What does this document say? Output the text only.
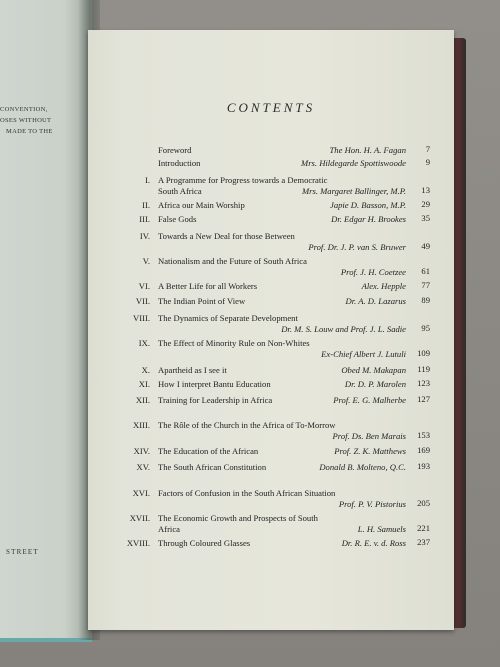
CONVENTION,
OSES WITHOUT
MADE TO THE
STREET
CONTENTS
Foreword	The Hon. H. A. Fagan	7
Introduction	Mrs. Hildegarde Spottiswoode	9
I. A Programme for Progress towards a Democratic
South Africa	Mrs. Margaret Ballinger, M.P.	13
II. Africa our Main Worship	Japie D. Basson, M.P.	29
III. False Gods	Dr. Edgar H. Brookes	35
IV. Towards a New Deal for those Between
Prof. Dr. J. P. van S. Bruwer	49
V. Nationalism and the Future of South Africa
Prof. J. H. Coetzee	61
VI. A Better Life for all Workers	Alex. Hepple	77
VII. The Indian Point of View	Dr. A. D. Lazarus	89
VIII. The Dynamics of Separate Development
Dr. M. S. Louw and Prof. J. L. Sadie	95
IX. The Effect of Minority Rule on Non-Whites
Ex-Chief Albert J. Lutuli	109
X. Apartheid as I see it	Obed M. Makapan	119
XI. How I interpret Bantu Education	Dr. D. P. Marolen	123
XII. Training for Leadership in Africa	Prof. E. G. Malherbe	127
XIII. The Rôle of the Church in the Africa of To-Morrow
Prof. Ds. Ben Marais	153
XIV. The Education of the African	Prof. Z. K. Matthews	169
XV. The South African Constitution	Donald B. Molteno, Q.C.	193
XVI. Factors of Confusion in the South African Situation
Prof. P. V. Pistorius	205
XVII. The Economic Growth and Prospects of South
Africa	L. H. Samuels	221
XVIII. Through Coloured Glasses	Dr. R. E. v. d. Ross	237
